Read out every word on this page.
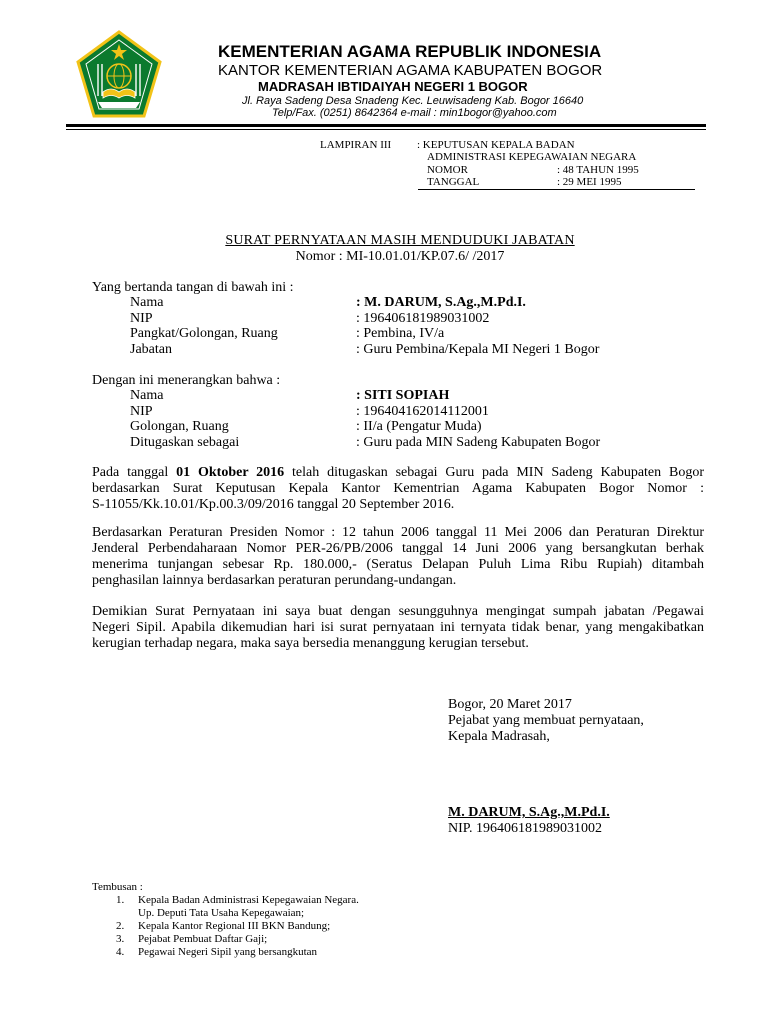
IKHLAS BERAMAL
KEMENTERIAN AGAMA REPUBLIK INDONESIA
KANTOR KEMENTERIAN AGAMA KABUPATEN BOGOR
MADRASAH IBTIDAIYAH NEGERI 1 BOGOR
Jl. Raya Sadeng Desa Snadeng Kec. Leuwisadeng Kab. Bogor 16640
Telp/Fax. (0251) 8642364 e-mail : min1bogor@yahoo.com
LAMPIRAN III : KEPUTUSAN KEPALA BADAN
ADMINISTRASI KEPEGAWAIAN NEGARA
NOMOR	: 48 TAHUN 1995
TANGGAL	: 29 MEI 1995
SURAT PERNYATAAN MASIH MENDUDUKI JABATAN
Nomor : MI-10.01.01/KP.07.6/ /2017
Yang bertanda tangan di bawah ini :
Nama	: M. DARUM, S.Ag.,M.Pd.I.
NIP	: 196406181989031002
Pangkat/Golongan, Ruang	: Pembina, IV/a
Jabatan	: Guru Pembina/Kepala MI Negeri 1 Bogor
Dengan ini menerangkan bahwa :
Nama	: SITI SOPIAH
NIP	: 196404162014112001
Golongan, Ruang	: II/a (Pengatur Muda)
Ditugaskan sebagai	: Guru pada MIN Sadeng Kabupaten Bogor
Pada tanggal 01 Oktober 2016 telah ditugaskan sebagai Guru pada MIN Sadeng Kabupaten Bogor
berdasarkan Surat Keputusan Kepala Kantor Kementrian Agama Kabupaten Bogor Nomor :
S-11055/Kk.10.01/Kp.00.3/09/2016 tanggal 20 September 2016.
Berdasarkan Peraturan Presiden Nomor : 12 tahun 2006 tanggal 11 Mei 2006 dan Peraturan Direktur
Jenderal Perbendaharaan Nomor PER-26/PB/2006 tanggal 14 Juni 2006 yang bersangkutan berhak
menerima tunjangan sebesar Rp. 180.000,- (Seratus Delapan Puluh Lima Ribu Rupiah) ditambah
penghasilan lainnya berdasarkan peraturan perundang-undangan.
Demikian Surat Pernyataan ini saya buat dengan sesungguhnya mengingat sumpah jabatan /Pegawai
Negeri Sipil. Apabila dikemudian hari isi surat pernyataan ini ternyata tidak benar, yang mengakibatkan
kerugian terhadap negara, maka saya bersedia menanggung kerugian tersebut.
Bogor, 20 Maret 2017
Pejabat yang membuat pernyataan,
Kepala Madrasah,
M. DARUM, S.Ag.,M.Pd.I.
NIP. 196406181989031002
Tembusan :
1. Kepala Badan Administrasi Kepegawaian Negara.
Up. Deputi Tata Usaha Kepegawaian;
2. Kepala Kantor Regional III BKN Bandung;
3. Pejabat Pembuat Daftar Gaji;
4. Pegawai Negeri Sipil yang bersangkutan
